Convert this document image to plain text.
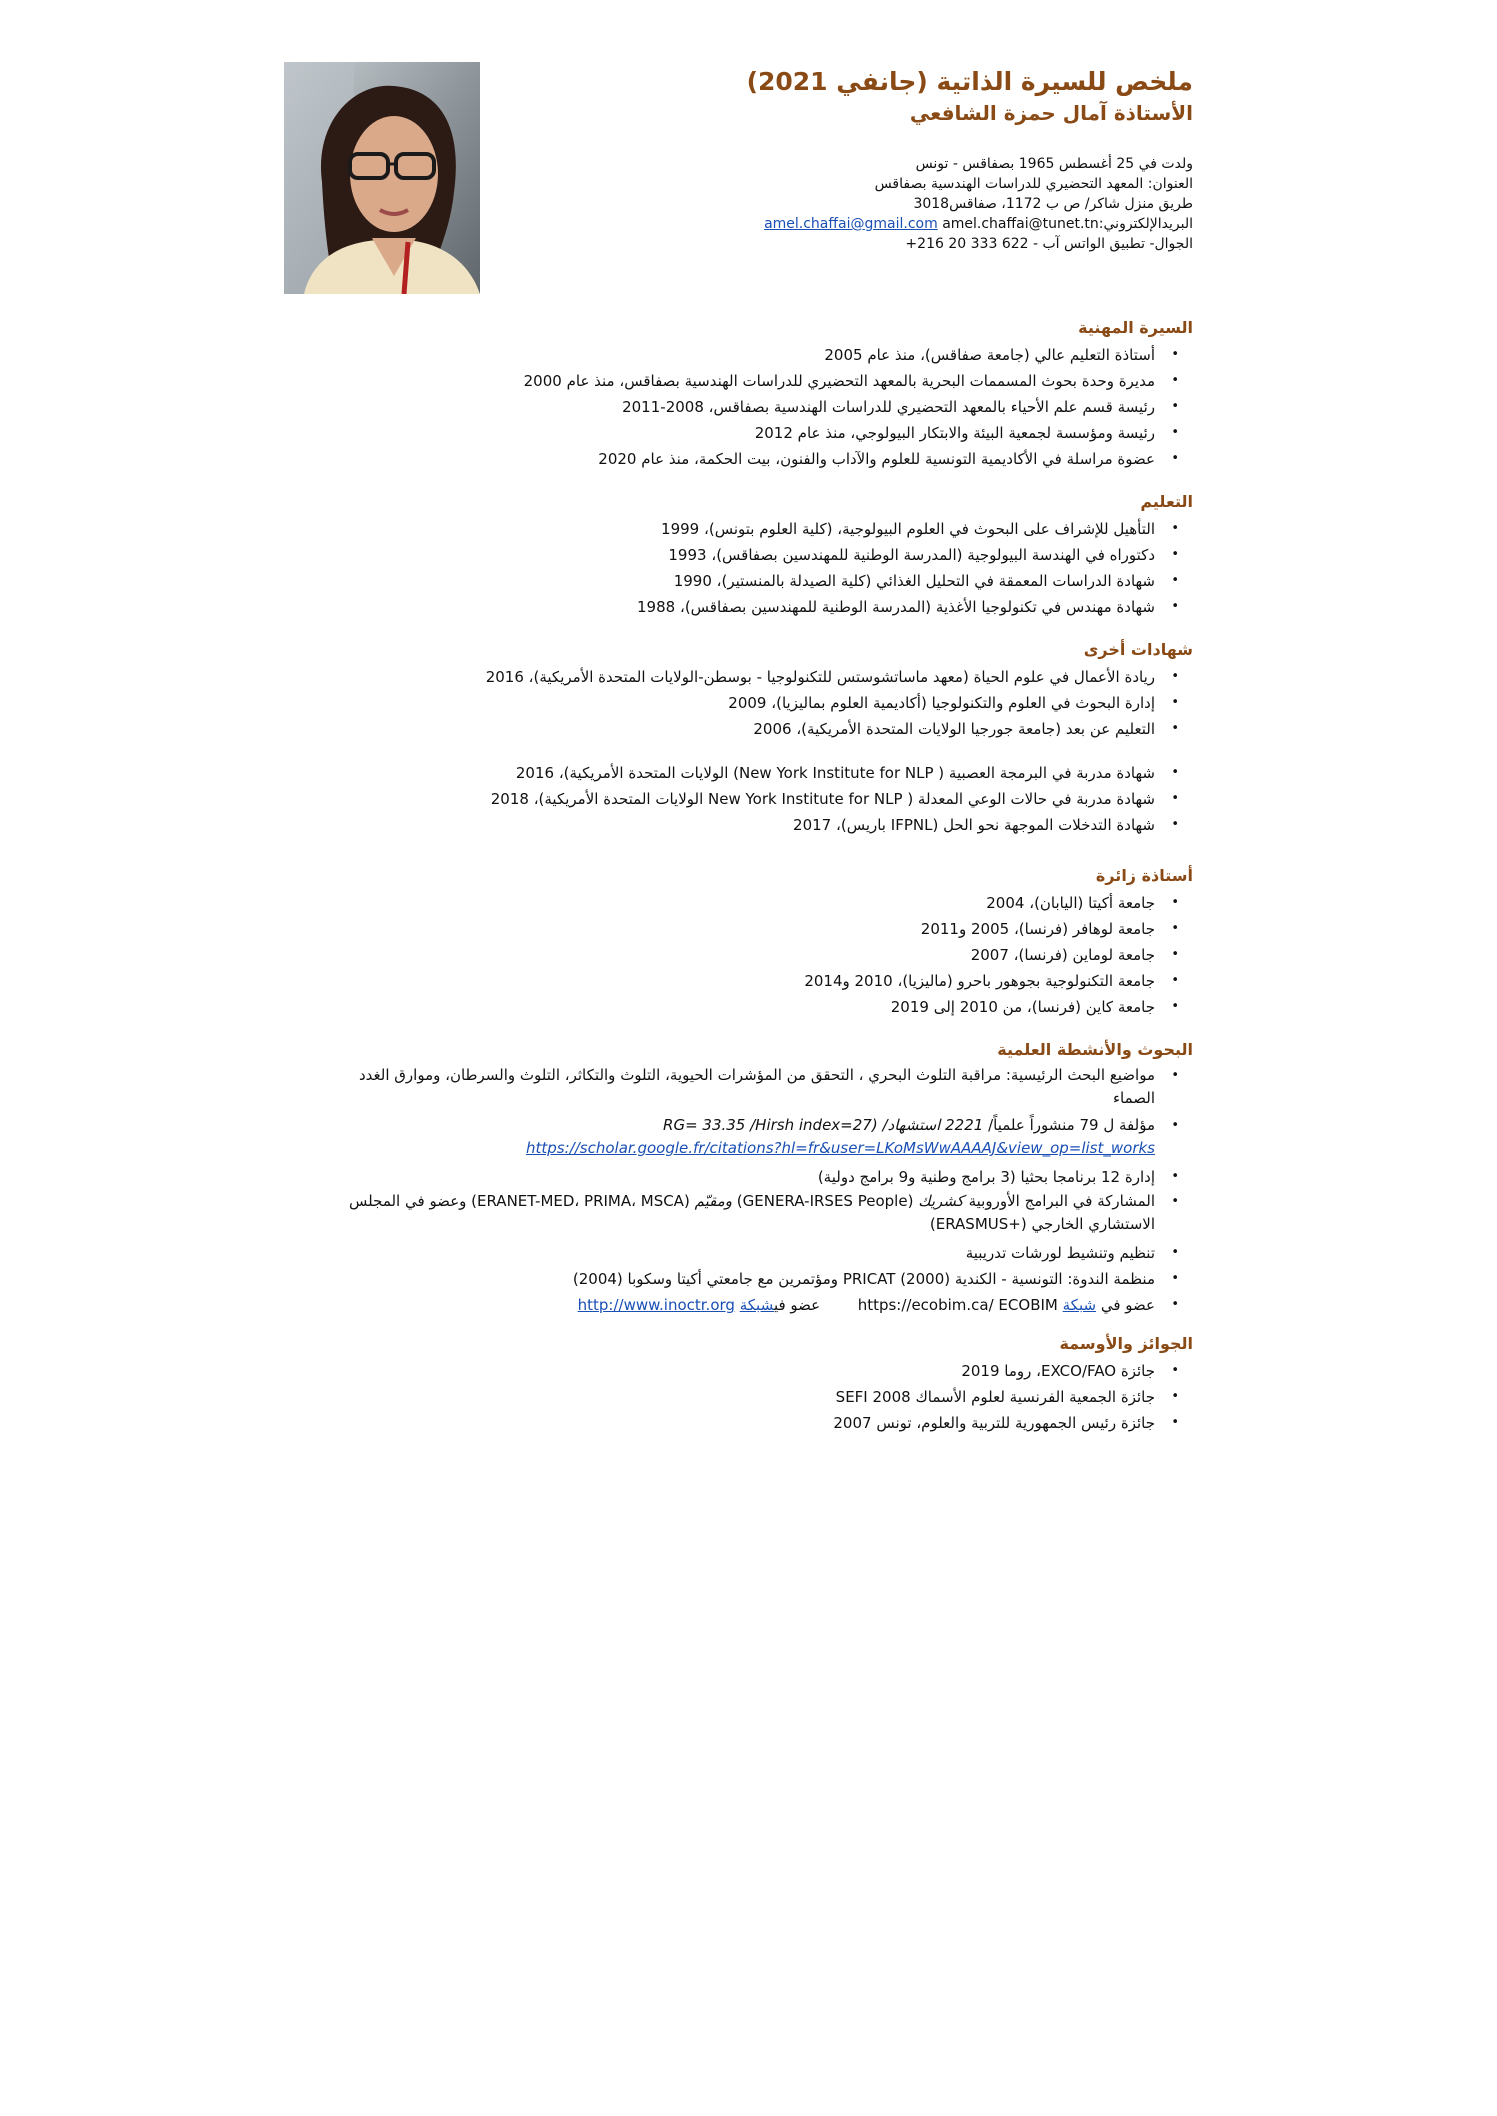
ملخص للسيرة الذاتية (جانفي 2021)
الأستاذة آمال حمزة الشافعي
ولدت في 25 أغسطس 1965 بصفاقس - تونس
العنوان: المعهد التحضيري للدراسات الهندسية بصفاقس
طريق منزل شاكر/ ص ب 1172، صفاقس3018
البريدالإلكتروني:amel.chaffai@gmail.com amel.chaffai@tunet.tn
الجوال- تطبيق الواتس آب - 622 333 20 216+
السيرة المهنية
• أستاذة التعليم عالي (جامعة صفاقس)، منذ عام 2005
• مديرة وحدة بحوث المسممات البحرية بالمعهد التحضيري للدراسات الهندسية بصفاقس، منذ عام 2000
• رئيسة قسم علم الأحياء بالمعهد التحضيري للدراسات الهندسية بصفاقس، 2008-2011
• رئيسة ومؤسسة لجمعية البيئة والابتكار البيولوجي، منذ عام 2012
• عضوة مراسلة في الأكاديمية التونسية للعلوم والآداب والفنون، بيت الحكمة، منذ عام 2020
التعليم
• التأهيل للإشراف على البحوث في العلوم البيولوجية، (كلية العلوم بتونس)، 1999
• دكتوراه في الهندسة البيولوجية (المدرسة الوطنية للمهندسين بصفاقس)، 1993
• شهادة الدراسات المعمقة في التحليل الغذائي (كلية الصيدلة بالمنستير)، 1990
• شهادة مهندس في تكنولوجيا الأغذية (المدرسة الوطنية للمهندسين بصفاقس)، 1988
شهادات أخرى
• ريادة الأعمال في علوم الحياة (معهد ماساتشوستس للتكنولوجيا - بوسطن-الولايات المتحدة الأمريكية)، 2016
• إدارة البحوث في العلوم والتكنولوجيا (أكاديمية العلوم بماليزيا)، 2009
• التعليم عن بعد (جامعة جورجيا الولايات المتحدة الأمريكية)، 2006
• شهادة مدربة في البرمجة العصبية ( New York Institute for NLP) الولايات المتحدة الأمريكية)، 2016
• شهادة مدربة في حالات الوعي المعدلة ( New York Institute for NLP الولايات المتحدة الأمريكية)، 2018
• شهادة التدخلات الموجهة نحو الحل (IFPNL باريس)، 2017
أستاذة زائرة
• جامعة أكيتا (اليابان)، 2004
• جامعة لوهافر (فرنسا)، 2005 و2011
• جامعة لوماين (فرنسا)، 2007
• جامعة التكنولوجية بجوهور باحرو (ماليزيا)، 2010 و2014
• جامعة كاين (فرنسا)، من 2010 إلى 2019
البحوث والأنشطة العلمية
• مواضيع البحث الرئيسية: مراقبة التلوث البحري ، التحقق من المؤشرات الحيوية، التلوث والتكاثر، التلوث والسرطان، وموارق الغدد الصماء
• مؤلفة ل 79 منشوراً علمياً/ 2221 استشهاد/ (RG= 33.35 /Hirsh index=27
https://scholar.google.fr/citations?hl=fr&user=LKoMsWwAAAAJ&view_op=list_works
• إدارة 12 برنامجا بحثيا (3 برامج وطنية و9 برامج دولية)
• المشاركة في البرامج الأوروبية كشريك (GENERA-IRSES People) ومقيّم (ERANET-MED، PRIMA، MSCA) وعضو في المجلس الاستشاري الخارجي (+ERASMUS)
• تنظيم وتنشيط لورشات تدريبية
• منظمة الندوة: التونسية - الكندية PRICAT (2000) ومؤتمرين مع جامعتي أكيتا وسكوبا (2004)
• عضو في شبكة https://ecobim.ca/ ECOBIM  عضو فيشبكة http://www.inoctr.org
الجوائز والأوسمة
• جائزة EXCO/FAO، روما 2019
• جائزة الجمعية الفرنسية لعلوم الأسماك SEFI 2008
• جائزة رئيس الجمهورية للتربية والعلوم، تونس 2007
